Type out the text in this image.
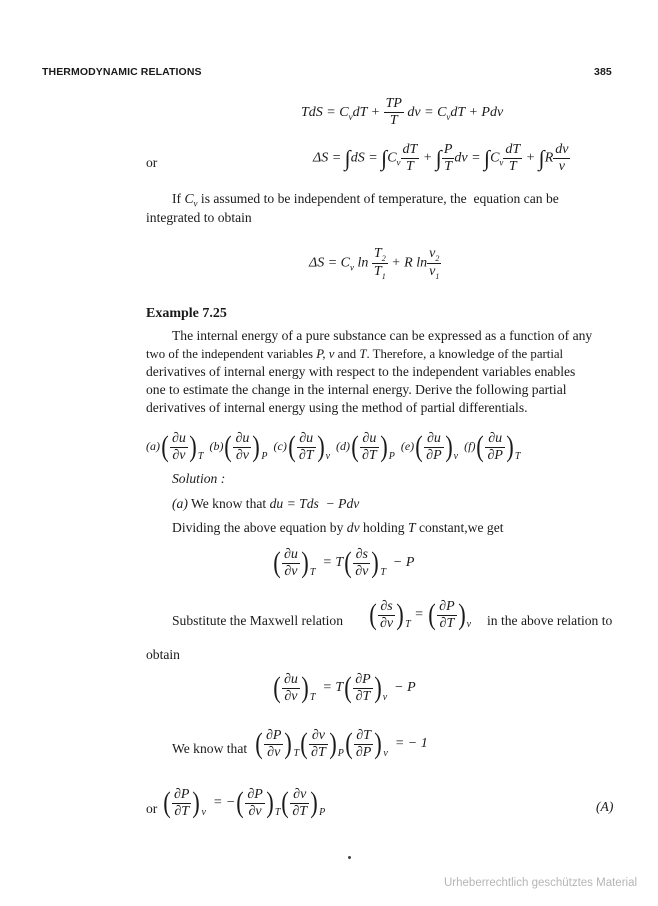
THERMODYNAMIC RELATIONS	385
TdS = $C_vdT + \frac{TP}{T}$ dv = $C_vdT$ + Pdv
or	$\Delta S = \int dS = \int C_v \frac{dT}{T}$ + ∫ $\frac{P}{T}$ dv = $\int C_v \frac{dT}{T} + \int R \frac{dv}{v}$
If $C_v$ is assumed to be independent of temperature, the  equation can be
integrated to obtain
$\Delta S = C_v$ $\ln \frac{T_2}{T_1} + R$ $\ln \frac{v_2}{v_1}$
Example 7.25
The internal energy of a pure substance can be expressed as a function of any
two of the independent variables P, v and T. Therefore, a knowledge of the partial
derivatives of internal energy with respect to the independent variables enables
one to estimate the change in the internal energy. Derive the following partial
derivatives of internal energy using the method of partial differentials.
$(a)( \frac{\partial u}{\partial v} )_T(b)( \frac{\partial u}{\partial v} )_P(c)( \frac{\partial u}{\partial T} )_v(d)( \frac{\partial u}{\partial T} )_P(e)( \frac{\partial u}{\partial P} )_v(f)( \frac{\partial u}{\partial P} )_T$
Solution :
(a) We know that du = Tds  − Pdv
Dividing the above equation by dv holding T constant,we get
( $\frac{\partial u}{\partial v} )_T = T( \frac{\partial s}{\partial v} )_T - P$
Substitute the Maxwell relation ( $\frac{\partial s}{\partial v} )_T$ = ( $\frac{\partial P}{\partial T} )_v$ in the above relation to
obtain
( $\frac{\partial u}{\partial v} )_T = T( \frac{\partial P}{\partial T} )_v - P$
We know that ( $\frac{\partial P}{\partial v} )_T( \frac{\partial v}{\partial T} )_P( \frac{\partial T}{\partial P} )_v$  = − 1
or ( $\frac{\partial P}{\partial T} )_v$  = −( $\frac{\partial P}{\partial v} )_T( \frac{\partial v}{\partial T} )_P$	(A)
Urheberrechtlich geschütztes Material
